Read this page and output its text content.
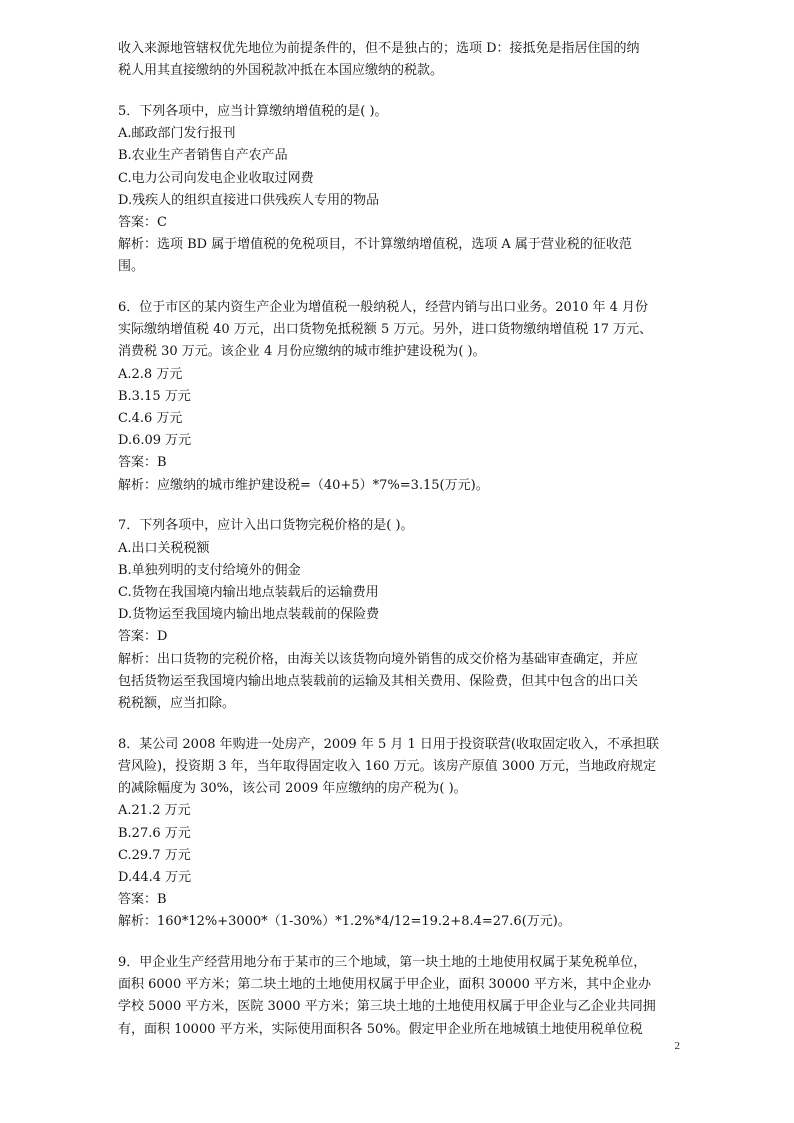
收入来源地管辖权优先地位为前提条件的，但不是独占的；选项 D：接抵免是指居住国的纳
税人用其直接缴纳的外国税款冲抵在本国应缴纳的税款。
5．下列各项中，应当计算缴纳增值税的是( )。
A.邮政部门发行报刊
B.农业生产者销售自产农产品
C.电力公司向发电企业收取过网费
D.残疾人的组织直接进口供残疾人专用的物品
答案：C
解析：选项 BD 属于增值税的免税项目，不计算缴纳增值税，选项 A 属于营业税的征收范
围。
6．位于市区的某内资生产企业为增值税一般纳税人，经营内销与出口业务。2010 年 4 月份
实际缴纳增值税 40 万元，出口货物免抵税额 5 万元。另外，进口货物缴纳增值税 17 万元、
消费税 30 万元。该企业 4 月份应缴纳的城市维护建设税为( )。
A.2.8 万元
B.3.15 万元
C.4.6 万元
D.6.09 万元
答案：B
解析：应缴纳的城市维护建设税=（40+5）*7%=3.15(万元)。
7．下列各项中，应计入出口货物完税价格的是( )。
A.出口关税税额
B.单独列明的支付给境外的佣金
C.货物在我国境内输出地点装载后的运输费用
D.货物运至我国境内输出地点装载前的保险费
答案：D
解析：出口货物的完税价格，由海关以该货物向境外销售的成交价格为基础审查确定，并应
包括货物运至我国境内输出地点装载前的运输及其相关费用、保险费，但其中包含的出口关
税税额，应当扣除。
8．某公司 2008 年购进一处房产，2009 年 5 月 1 日用于投资联营(收取固定收入，不承担联
营风险)，投资期 3 年，当年取得固定收入 160 万元。该房产原值 3000 万元，当地政府规定
的减除幅度为 30%，该公司 2009 年应缴纳的房产税为( )。
A.21.2 万元
B.27.6 万元
C.29.7 万元
D.44.4 万元
答案：B
解析：160*12%+3000*（1-30%）*1.2%*4/12=19.2+8.4=27.6(万元)。
9．甲企业生产经营用地分布于某市的三个地域，第一块土地的土地使用权属于某免税单位，
面积 6000 平方米；第二块土地的土地使用权属于甲企业，面积 30000 平方米，其中企业办
学校 5000 平方米，医院 3000 平方米；第三块土地的土地使用权属于甲企业与乙企业共同拥
有，面积 10000 平方米，实际使用面积各 50%。假定甲企业所在地城镇土地使用税单位税
2
